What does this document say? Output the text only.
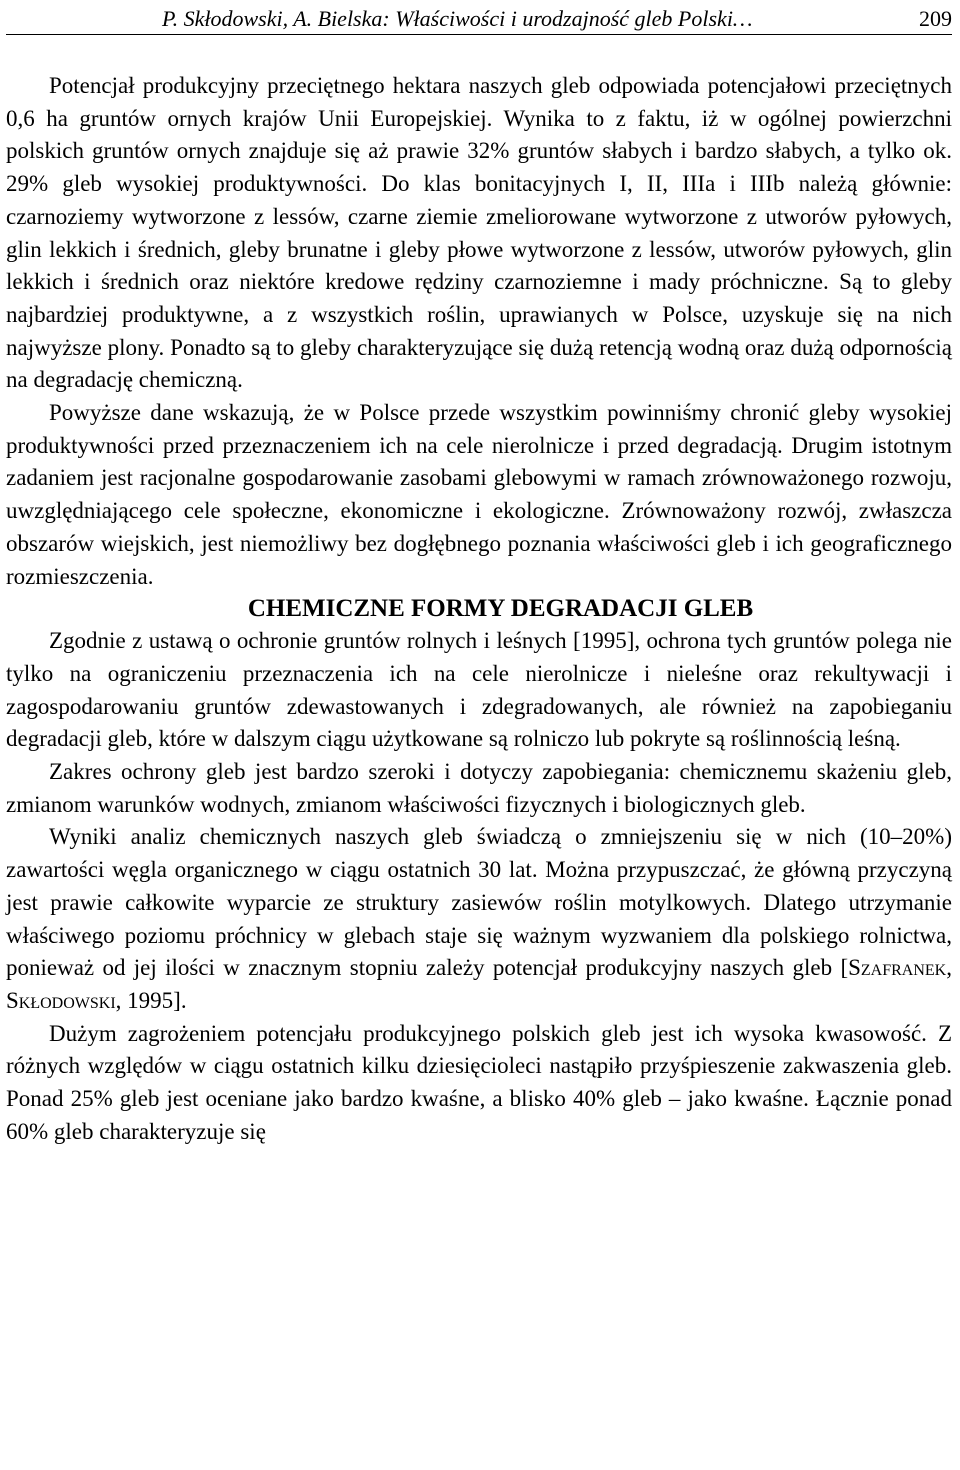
P. Skłodowski, A. Bielska: Właściwości i urodzajność gleb Polski…	209

Potencjał produkcyjny przeciętnego hektara naszych gleb odpowiada potencjałowi przeciętnych 0,6 ha gruntów ornych krajów Unii Europejskiej. Wynika to z faktu, iż w ogólnej powierzchni polskich gruntów ornych znajduje się aż prawie 32% gruntów słabych i bardzo słabych, a tylko ok. 29% gleb wysokiej produktywności. Do klas bonitacyjnych I, II, IIIa i IIIb należą głównie: czarnoziemy wytworzone z lessów, czarne ziemie zmeliorowane wytworzone z utworów pyłowych, glin lekkich i średnich, gleby brunatne i gleby płowe wytworzone z lessów, utworów pyłowych, glin lekkich i średnich oraz niektóre kredowe rędziny czarnoziemne i mady próchniczne. Są to gleby najbardziej produktywne, a z wszystkich roślin, uprawianych w Polsce, uzyskuje się na nich najwyższe plony. Ponadto są to gleby charakteryzujące się dużą retencją wodną oraz dużą odpornością na degradację chemiczną.

Powyższe dane wskazują, że w Polsce przede wszystkim powinniśmy chronić gleby wysokiej produktywności przed przeznaczeniem ich na cele nierolnicze i przed degradacją. Drugim istotnym zadaniem jest racjonalne gospodarowanie zasobami glebowymi w ramach zrównoważonego rozwoju, uwzględniającego cele społeczne, ekonomiczne i ekologiczne. Zrównoważony rozwój, zwłaszcza obszarów wiejskich, jest niemożliwy bez dogłębnego poznania właściwości gleb i ich geograficznego rozmieszczenia.

CHEMICZNE FORMY DEGRADACJI GLEB

Zgodnie z ustawą o ochronie gruntów rolnych i leśnych [1995], ochrona tych gruntów polega nie tylko na ograniczeniu przeznaczenia ich na cele nierolnicze i nieleśne oraz rekultywacji i zagospodarowaniu gruntów zdewastowanych i zdegradowanych, ale również na zapobieganiu degradacji gleb, które w dalszym ciągu użytkowane są rolniczo lub pokryte są roślinnością leśną.

Zakres ochrony gleb jest bardzo szeroki i dotyczy zapobiegania: chemicznemu skażeniu gleb, zmianom warunków wodnych, zmianom właściwości fizycznych i biologicznych gleb.

Wyniki analiz chemicznych naszych gleb świadczą o zmniejszeniu się w nich (10–20%) zawartości węgla organicznego w ciągu ostatnich 30 lat. Można przypuszczać, że główną przyczyną jest prawie całkowite wyparcie ze struktury zasiewów roślin motylkowych. Dlatego utrzymanie właściwego poziomu próchnicy w glebach staje się ważnym wyzwaniem dla polskiego rolnictwa, ponieważ od jej ilości w znacznym stopniu zależy potencjał produkcyjny naszych gleb [Szafranek, Skłodowski, 1995].

Dużym zagrożeniem potencjału produkcyjnego polskich gleb jest ich wysoka kwasowość. Z różnych względów w ciągu ostatnich kilku dziesięcioleci nastąpiło przyśpieszenie zakwaszenia gleb. Ponad 25% gleb jest oceniane jako bardzo kwaśne, a blisko 40% gleb – jako kwaśne. Łącznie ponad 60% gleb charakteryzuje się
